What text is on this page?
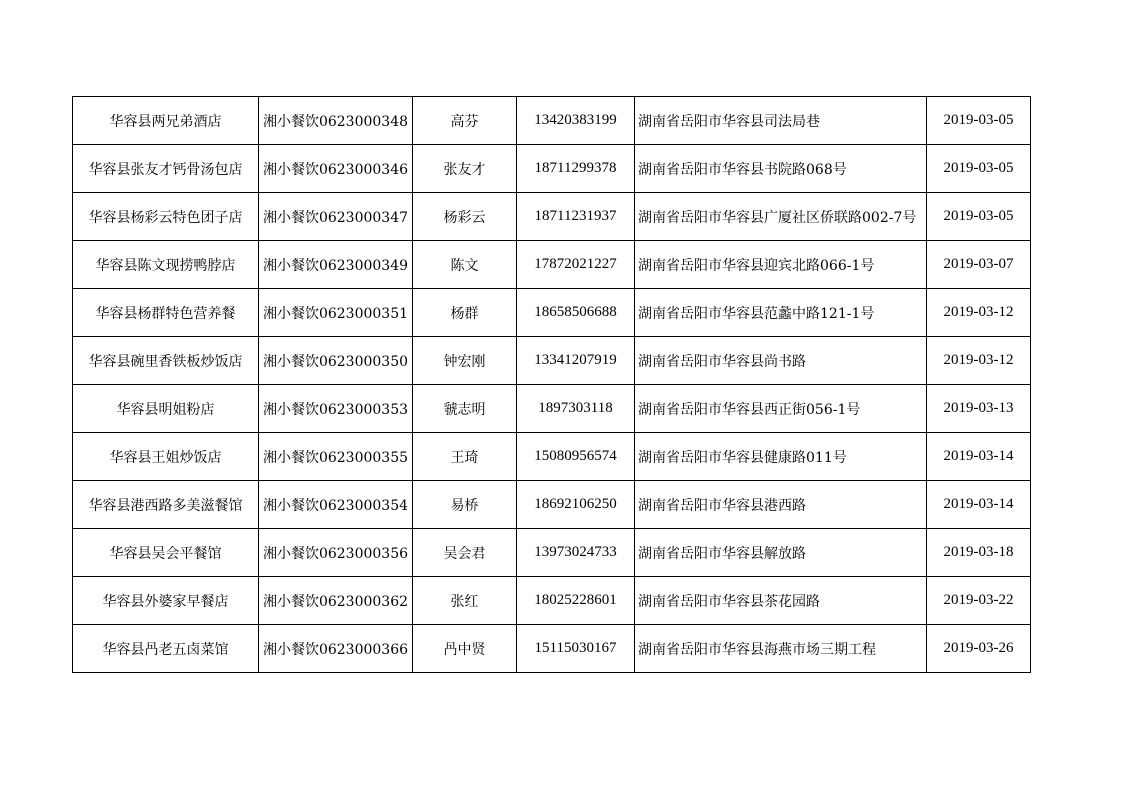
华容县两兄弟酒店	湘小餐饮0623000348	高芬	13420383199	湖南省岳阳市华容县司法局巷	2019-03-05
华容县张友才钙骨汤包店	湘小餐饮0623000346	张友才	18711299378	湖南省岳阳市华容县书院路068号	2019-03-05
华容县杨彩云特色团子店	湘小餐饮0623000347	杨彩云	18711231937	湖南省岳阳市华容县广厦社区侨联路002-7号	2019-03-05
华容县陈文现捞鸭脖店	湘小餐饮0623000349	陈文	17872021227	湖南省岳阳市华容县迎宾北路066-1号	2019-03-07
华容县杨群特色营养餐	湘小餐饮0623000351	杨群	18658506688	湖南省岳阳市华容县范蠡中路121-1号	2019-03-12
华容县碗里香铁板炒饭店	湘小餐饮0623000350	钟宏刚	13341207919	湖南省岳阳市华容县尚书路	2019-03-12
华容县明姐粉店	湘小餐饮0623000353	虢志明	1897303118	湖南省岳阳市华容县西正街056-1号	2019-03-13
华容县王姐炒饭店	湘小餐饮0623000355	王琦	15080956574	湖南省岳阳市华容县健康路011号	2019-03-14
华容县港西路多美滋餐馆	湘小餐饮0623000354	易桥	18692106250	湖南省岳阳市华容县港西路	2019-03-14
华容县吴会平餐馆	湘小餐饮0623000356	吴会君	13973024733	湖南省岳阳市华容县解放路	2019-03-18
华容县外婆家早餐店	湘小餐饮0623000362	张红	18025228601	湖南省岳阳市华容县茶花园路	2019-03-22
华容县冎老五卤菜馆	湘小餐饮0623000366	冎中贤	15115030167	湖南省岳阳市华容县海燕市场三期工程	2019-03-26
